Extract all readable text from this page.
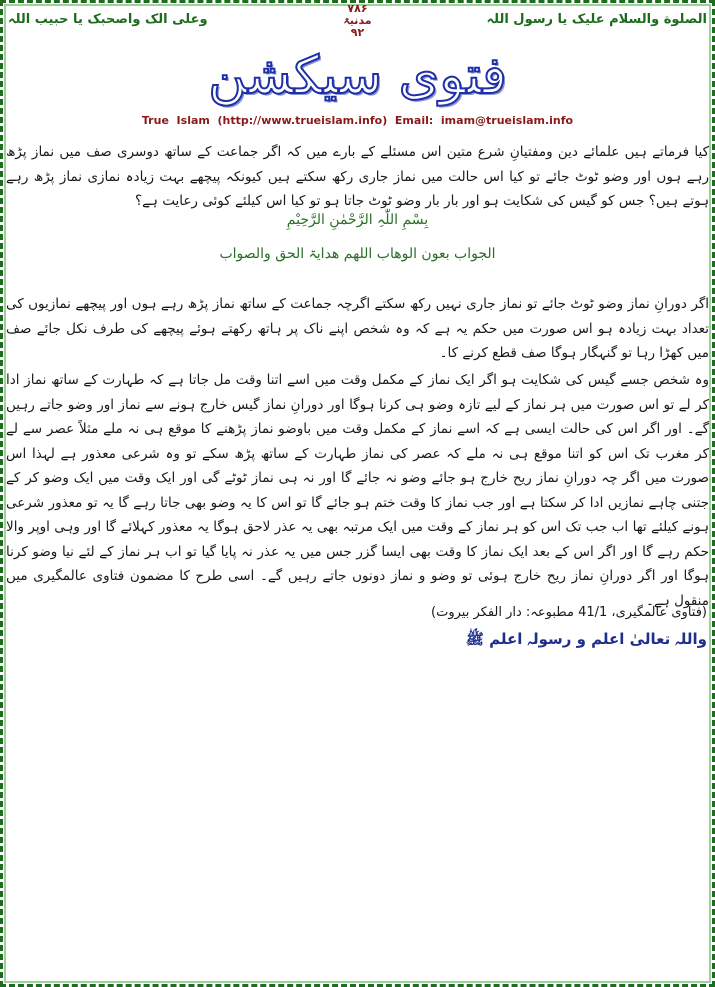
الصلوة والسلام علیک یا رسول اللہ
۷۸۶
مدنیۃ
۹۲
وعلی الک واصحبک یا حبیب اللہ
فتوی سیکشن
True  Islam  (http://www.trueislam.info)  Email:  imam@trueislam.info
کیا فرماتے ہیں علمائے دین ومفتیانِ شرع متین اس مسئلے کے بارے میں کہ اگر جماعت کے ساتھ دوسری صف میں نماز پڑھ رہے ہوں اور وضو ٹوٹ جائے تو کیا اس حالت میں نماز جاری رکھ سکتے ہیں کیونکہ پیچھے بہت زیادہ نمازی نماز پڑھ رہے ہوتے ہیں؟ جس کو گیس کی شکایت ہو اور بار بار وضو ٹوٹ جاتا ہو تو کیا اس کیلئے کوئی رعایت ہے؟
بِسْمِ اللّٰہِ الرَّحْمٰنِ الرَّحِیْمِ
الجواب بعون الوھاب اللھم ھدایۃ الحق والصواب
اگر دورانِ نماز وضو ٹوٹ جائے تو نماز جاری نہیں رکھ سکتے اگرچہ جماعت کے ساتھ نماز پڑھ رہے ہوں اور پیچھے نمازیوں کی تعداد بہت زیادہ ہو اس صورت میں حکم یہ ہے کہ وہ شخص اپنے ناک پر ہاتھ رکھتے ہوئے پیچھے کی طرف نکل جائے صف میں کھڑا رہا تو گنہگار ہوگا صف قطع کرنے کا۔
وہ شخص جسے گیس کی شکایت ہو اگر ایک نماز کے مکمل وقت میں اسے اتنا وقت مل جاتا ہے کہ طہارت کے ساتھ نماز ادا کر لے تو اس صورت میں ہر نماز کے لیے تازہ وضو ہی کرنا ہوگا اور دورانِ نماز گیس خارج ہونے سے نماز اور وضو جاتے رہیں گے۔ اور اگر اس کی حالت ایسی ہے کہ اسے نماز کے مکمل وقت میں باوضو نماز پڑھنے کا موقع ہی نہ ملے مثلاً عصر سے لے کر مغرب تک اس کو اتنا موقع ہی نہ ملے کہ عصر کی نماز طہارت کے ساتھ پڑھ سکے تو وہ شرعی معذور ہے لہذا اس صورت میں اگر چہ دورانِ نماز ریح خارج ہو جائے وضو نہ جائے گا اور نہ ہی نماز ٹوٹے گی اور ایک وقت میں ایک وضو کر کے جتنی چاہے نمازیں ادا کر سکتا ہے اور جب نماز کا وقت ختم ہو جائے گا تو اس کا یہ وضو بھی جاتا رہے گا یہ تو معذور شرعی ہونے کیلئے تھا اب جب تک اس کو ہر نماز کے وقت میں ایک مرتبہ بھی یہ عذر لاحق ہوگا یہ معذور کہلائے گا اور وہی اوپر والا حکم رہے گا اور اگر اس کے بعد ایک نماز کا وقت بھی ایسا گزر جس میں یہ عذر نہ پایا گیا تو اب ہر نماز کے لئے نیا وضو کرنا ہوگا اور اگر دورانِ نماز ریح خارج ہوئی تو وضو و نماز دونوں جاتے رہیں گے۔ اسی طرح کا مضمون فتاوی عالمگیری میں منقول ہے۔
(فتاوی عالمگیری، 41/1 مطبوعہ: دار الفکر بیروت)
واللہ تعالیٰ اعلم و رسولہ اعلم ﷺ
